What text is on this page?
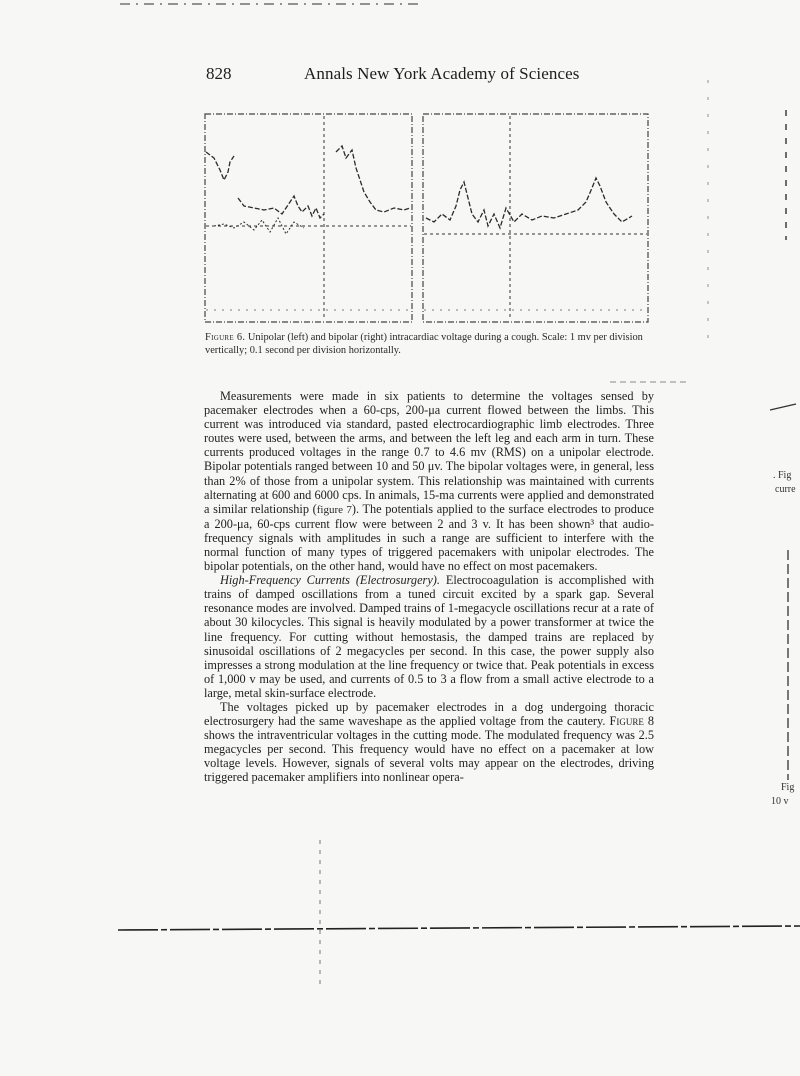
828	Annals New York Academy of Sciences
Figure 6. Unipolar (left) and bipolar (right) intracardiac voltage during a cough. Scale: 1 mv per division vertically; 0.1 second per division horizontally.

Measurements were made in six patients to determine the voltages sensed by pacemaker electrodes when a 60-cps, 200-μa current flowed between the limbs. This current was introduced via standard, pasted electrocardiographic limb electrodes. Three routes were used, between the arms, and between the left leg and each arm in turn. These currents produced voltages in the range 0.7 to 4.6 mv (RMS) on a unipolar electrode. Bipolar potentials ranged between 10 and 50 μv. The bipolar voltages were, in general, less than 2% of those from a unipolar system. This relationship was maintained with currents alternating at 600 and 6000 cps. In animals, 15-ma currents were applied and demonstrated a similar relationship (figure 7). The potentials applied to the surface electrodes to produce a 200-μa, 60-cps current flow were between 2 and 3 v. It has been shown³ that audio-frequency signals with amplitudes in such a range are sufficient to interfere with the normal function of many types of triggered pacemakers with unipolar electrodes. The bipolar potentials, on the other hand, would have no effect on most pacemakers.

High-Frequency Currents (Electrosurgery). Electrocoagulation is accomplished with trains of damped oscillations from a tuned circuit excited by a spark gap. Several resonance modes are involved. Damped trains of 1-megacycle oscillations recur at a rate of about 30 kilocycles. This signal is heavily modulated by a power transformer at twice the line frequency. For cutting without hemostasis, the damped trains are replaced by sinusoidal oscillations of 2 megacycles per second. In this case, the power supply also impresses a strong modulation at the line frequency or twice that. Peak potentials in excess of 1,000 v may be used, and currents of 0.5 to 3 a flow from a small active electrode to a large, metal skin-surface electrode.

The voltages picked up by pacemaker electrodes in a dog undergoing thoracic electrosurgery had the same waveshape as the applied voltage from the cautery. Figure 8 shows the intraventricular voltages in the cutting mode. The modulated frequency was 2.5 megacycles per second. This frequency would have no effect on a pacemaker at low voltage levels. However, signals of several volts may appear on the electrodes, driving triggered pacemaker amplifiers into nonlinear opera-

. Fig
curre
Fig
10 v
